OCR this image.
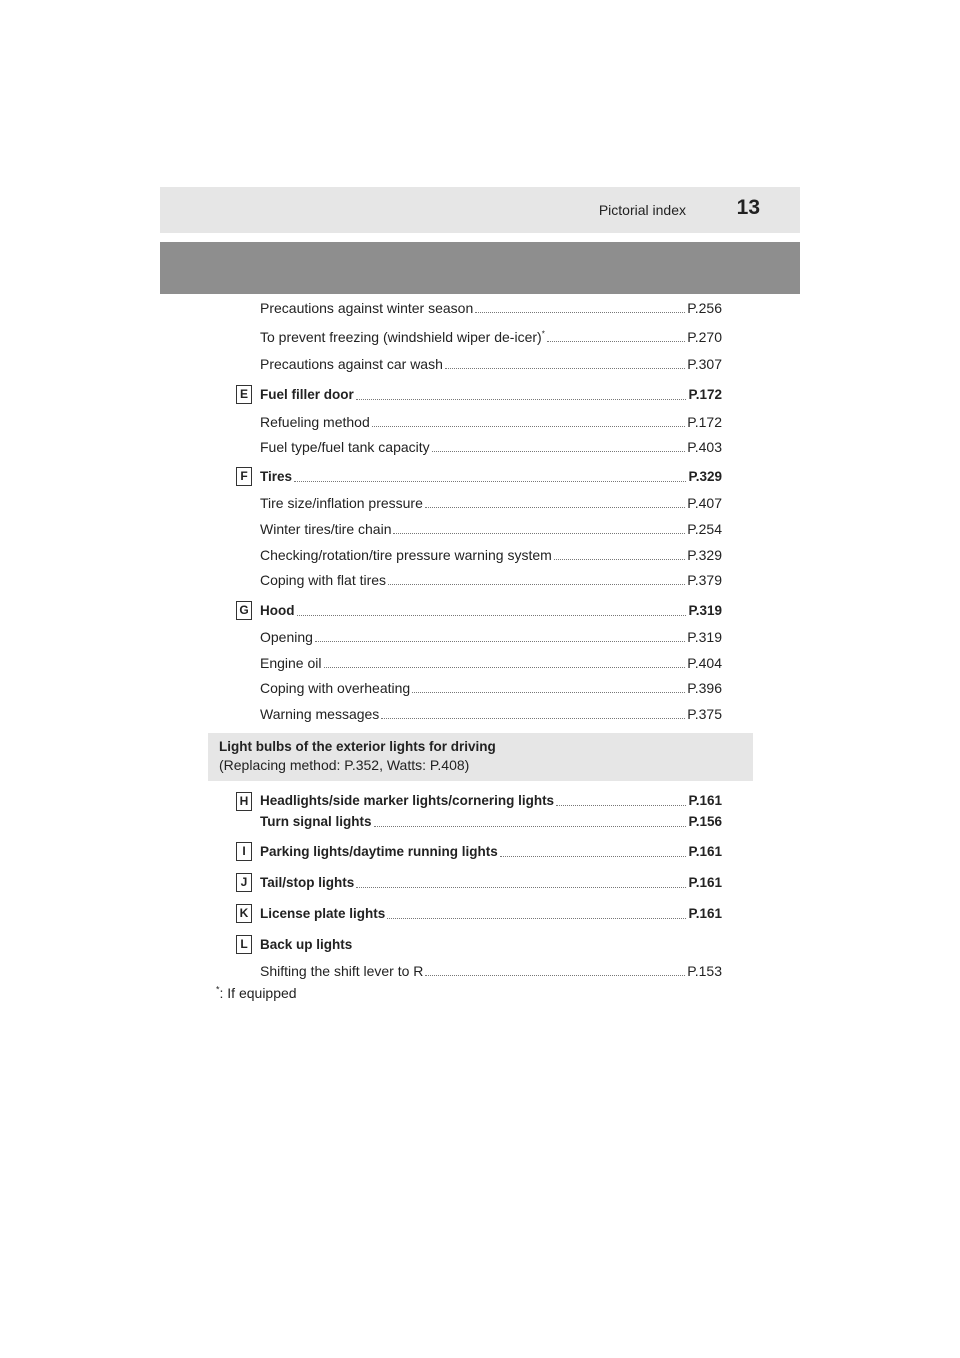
Pictorial index 13
Precautions against winter season	P.256
To prevent freezing (windshield wiper de-icer)*	P.270
Precautions against car wash	P.307
E Fuel filler door	P.172
Refueling method	P.172
Fuel type/fuel tank capacity	P.403
F Tires	P.329
Tire size/inflation pressure	P.407
Winter tires/tire chain	P.254
Checking/rotation/tire pressure warning system	P.329
Coping with flat tires	P.379
G Hood	P.319
Opening	P.319
Engine oil	P.404
Coping with overheating	P.396
Warning messages	P.375
Light bulbs of the exterior lights for driving
(Replacing method: P.352, Watts: P.408)
H Headlights/side marker lights/cornering lights	P.161
Turn signal lights	P.156
I	Parking lights/daytime running lights	P.161
J Tail/stop lights	P.161
K License plate lights	P.161
L Back up lights
Shifting the shift lever to R	P.153
*: If equipped
